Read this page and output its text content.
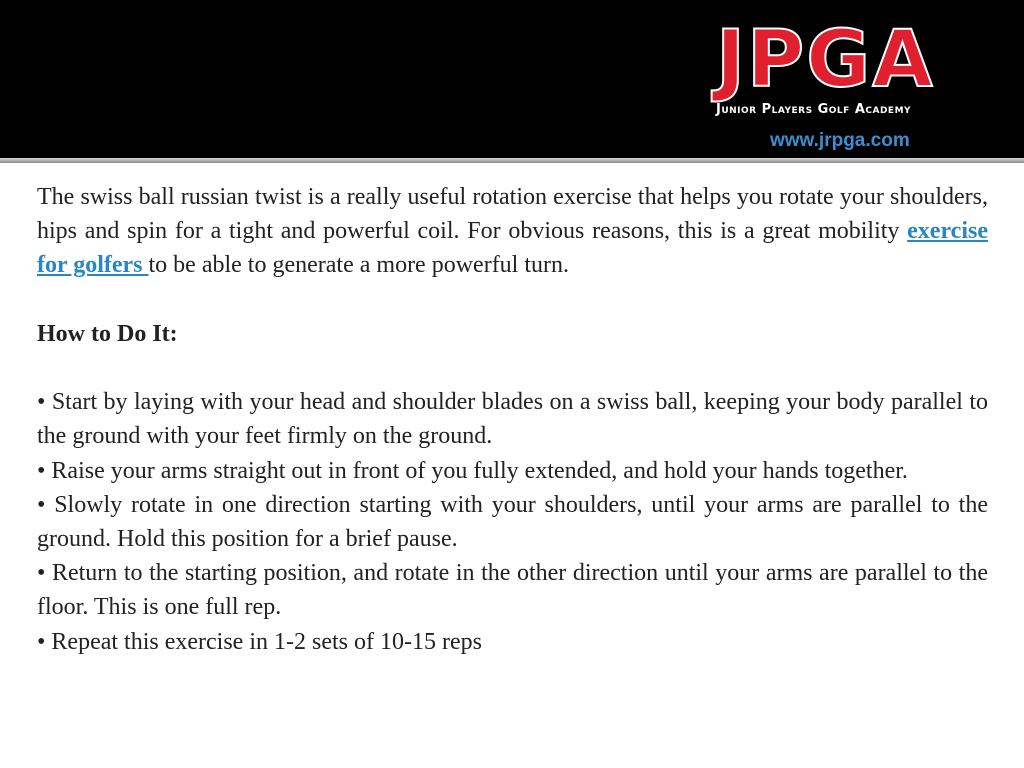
JPGA
Junior Players Golf Academy
www.jrpga.com

The swiss ball russian twist is a really useful rotation exercise that helps you rotate your shoulders, hips and spin for a tight and powerful coil. For obvious reasons, this is a great mobility exercise for golfers to be able to generate a more powerful turn.

How to Do It:

• Start by laying with your head and shoulder blades on a swiss ball, keeping your body parallel to the ground with your feet firmly on the ground.

• Raise your arms straight out in front of you fully extended, and hold your hands together.

• Slowly rotate in one direction starting with your shoulders, until your arms are parallel to the ground. Hold this position for a brief pause.

• Return to the starting position, and rotate in the other direction until your arms are parallel to the floor. This is one full rep.

• Repeat this exercise in 1-2 sets of 10-15 reps
